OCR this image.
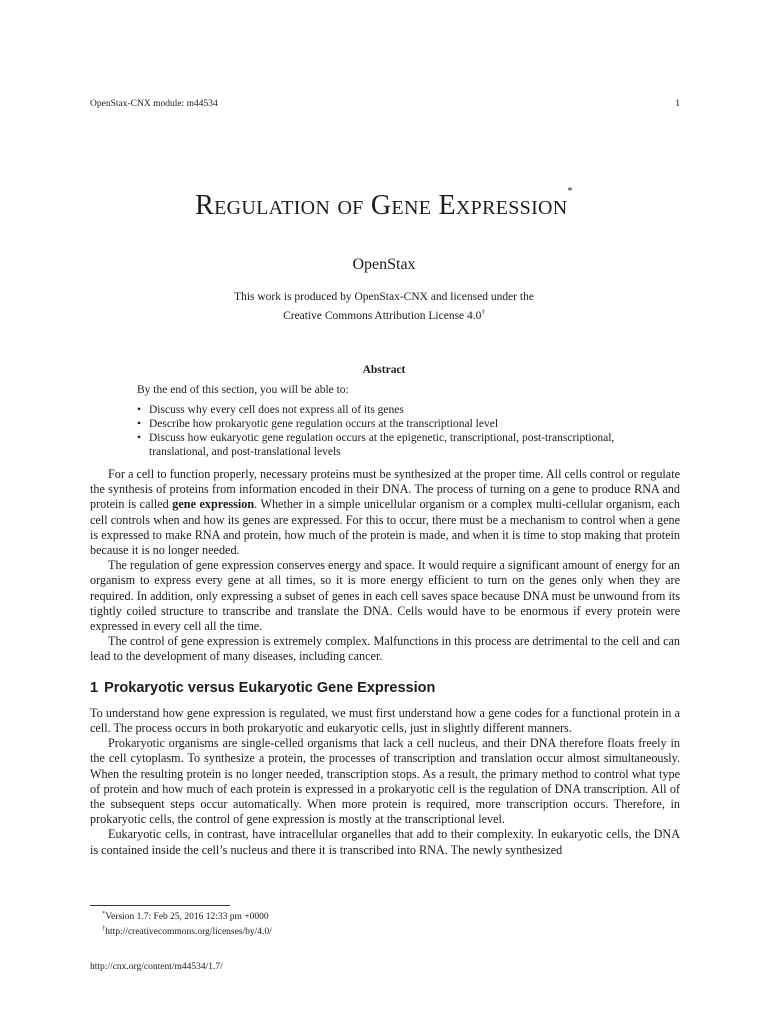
OpenStax-CNX module: m44534	1
Regulation of Gene Expression*
OpenStax
This work is produced by OpenStax-CNX and licensed under the
Creative Commons Attribution License 4.0†
Abstract
By the end of this section, you will be able to:
• Discuss why every cell does not express all of its genes
• Describe how prokaryotic gene regulation occurs at the transcriptional level
• Discuss how eukaryotic gene regulation occurs at the epigenetic, transcriptional, post-transcriptional, translational, and post-translational levels

For a cell to function properly, necessary proteins must be synthesized at the proper time. All cells control or regulate the synthesis of proteins from information encoded in their DNA. The process of turning on a gene to produce RNA and protein is called gene expression. Whether in a simple unicellular organism or a complex multi-cellular organism, each cell controls when and how its genes are expressed. For this to occur, there must be a mechanism to control when a gene is expressed to make RNA and protein, how much of the protein is made, and when it is time to stop making that protein because it is no longer needed.

The regulation of gene expression conserves energy and space. It would require a significant amount of energy for an organism to express every gene at all times, so it is more energy efficient to turn on the genes only when they are required. In addition, only expressing a subset of genes in each cell saves space because DNA must be unwound from its tightly coiled structure to transcribe and translate the DNA. Cells would have to be enormous if every protein were expressed in every cell all the time.

The control of gene expression is extremely complex. Malfunctions in this process are detrimental to the cell and can lead to the development of many diseases, including cancer.

1 Prokaryotic versus Eukaryotic Gene Expression

To understand how gene expression is regulated, we must first understand how a gene codes for a functional protein in a cell. The process occurs in both prokaryotic and eukaryotic cells, just in slightly different manners.

Prokaryotic organisms are single-celled organisms that lack a cell nucleus, and their DNA therefore floats freely in the cell cytoplasm. To synthesize a protein, the processes of transcription and translation occur almost simultaneously. When the resulting protein is no longer needed, transcription stops. As a result, the primary method to control what type of protein and how much of each protein is expressed in a prokaryotic cell is the regulation of DNA transcription. All of the subsequent steps occur automatically. When more protein is required, more transcription occurs. Therefore, in prokaryotic cells, the control of gene expression is mostly at the transcriptional level.

Eukaryotic cells, in contrast, have intracellular organelles that add to their complexity. In eukaryotic cells, the DNA is contained inside the cell’s nucleus and there it is transcribed into RNA. The newly synthesized

*Version 1.7: Feb 25, 2016 12:33 pm +0000
†http://creativecommons.org/licenses/by/4.0/
http://cnx.org/content/m44534/1.7/
